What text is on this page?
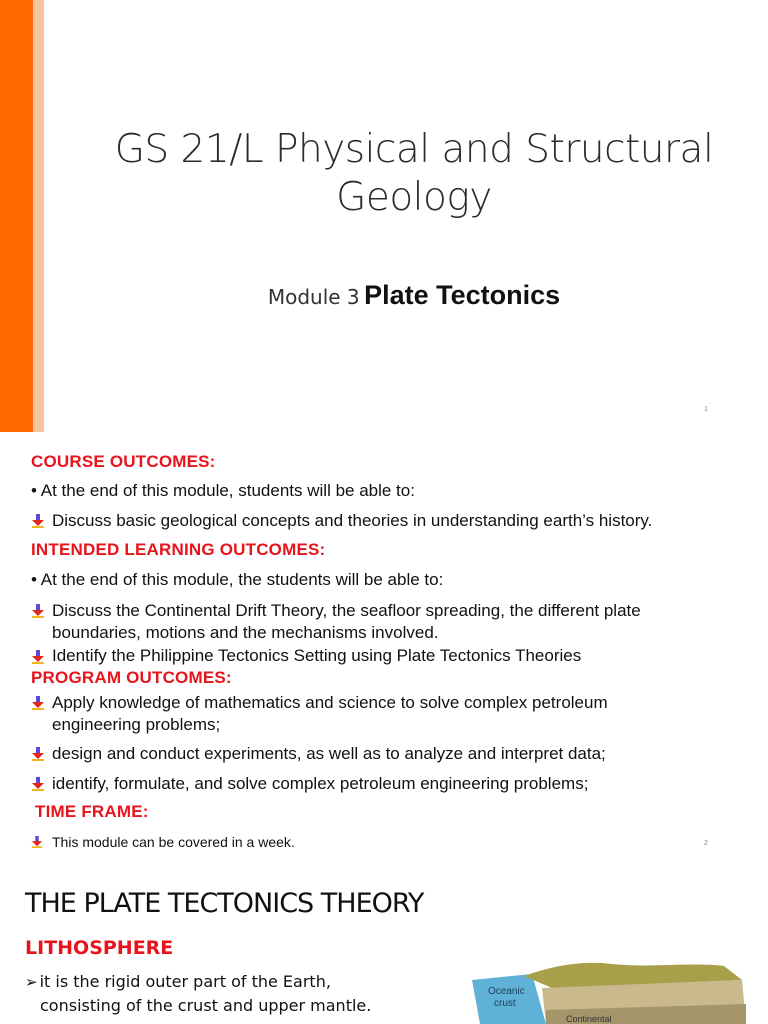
GS 21/L Physical and Structural
Geology
Module 3 Plate Tectonics
1
COURSE OUTCOMES:
• At the end of this module, students will be able to:
Discuss basic geological concepts and theories in understanding earth’s history.
INTENDED LEARNING OUTCOMES:
• At the end of this module, the students will be able to:
Discuss the Continental Drift Theory, the seafloor spreading, the different plate
boundaries, motions and the mechanisms involved.
Identify the Philippine Tectonics Setting using Plate Tectonics Theories
PROGRAM OUTCOMES:
Apply knowledge of mathematics and science to solve complex petroleum
engineering problems;
design and conduct experiments, as well as to analyze and interpret data;
identify, formulate, and solve complex petroleum engineering problems;
TIME FRAME:
This module can be covered in a week.	2
THE PLATE TECTONICS THEORY
LITHOSPHERE
➢ it is the rigid outer part of the Earth,
consisting of the crust and upper mantle.
Oceanic
crust
Continental
